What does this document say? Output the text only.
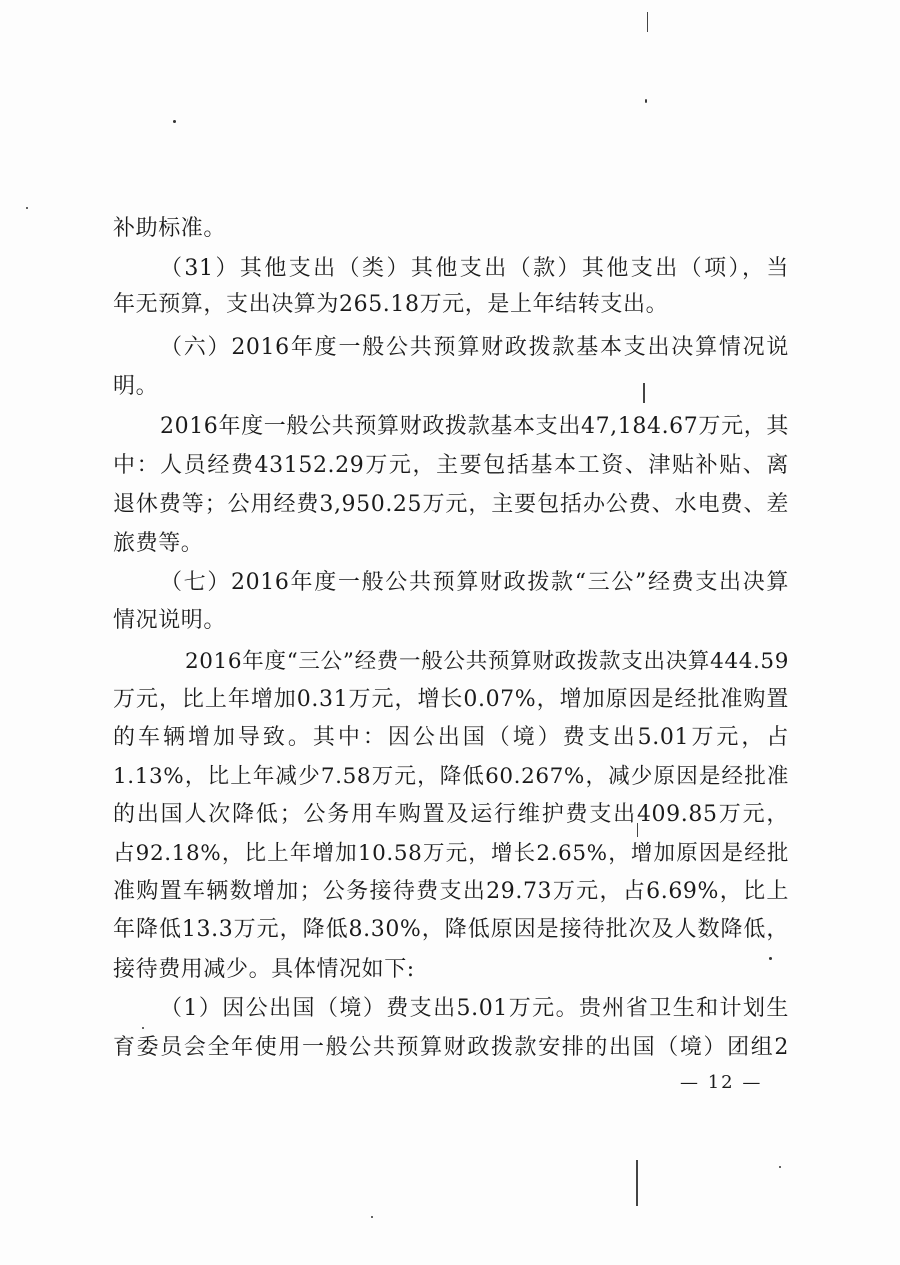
补助标准。
（31）其他支出（类）其他支出（款）其他支出（项），当
年无预算，支出决算为265.18万元，是上年结转支出。
（六）2016年度一般公共预算财政拨款基本支出决算情况说
明。
2016年度一般公共预算财政拨款基本支出47,184.67万元，其
中：人员经费43152.29万元，主要包括基本工资、津贴补贴、离
退休费等；公用经费3,950.25万元，主要包括办公费、水电费、差
旅费等。
（七）2016年度一般公共预算财政拨款“三公”经费支出决算
情况说明。
2016年度“三公”经费一般公共预算财政拨款支出决算444.59
万元，比上年增加0.31万元，增长0.07%，增加原因是经批准购置
的车辆增加导致。其中：因公出国（境）费支出5.01万元，占
1.13%，比上年减少7.58万元，降低60.267%，减少原因是经批准
的出国人次降低；公务用车购置及运行维护费支出409.85万元，
占92.18%，比上年增加10.58万元，增长2.65%，增加原因是经批
准购置车辆数增加；公务接待费支出29.73万元，占6.69%，比上
年降低13.3万元，降低8.30%，降低原因是接待批次及人数降低，
接待费用减少。具体情况如下:
（1）因公出国（境）费支出5.01万元。贵州省卫生和计划生
育委员会全年使用一般公共预算财政拨款安排的出国（境）团组2
— 12 —
